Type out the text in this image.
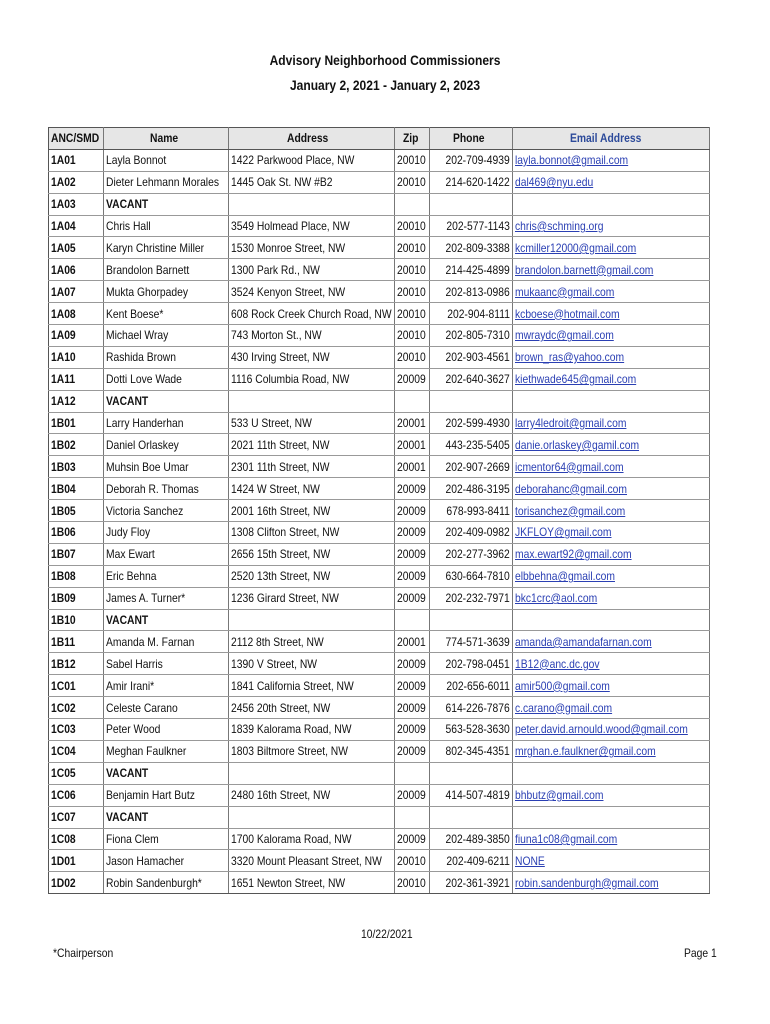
Advisory Neighborhood Commissioners
January 2, 2021 - January 2, 2023
ANC/SMD	Name	Address	Zip	Phone	Email Address
1A01	Layla Bonnot	1422 Parkwood Place, NW	20010	202-709-4939	layla.bonnot@gmail.com
1A02	Dieter Lehmann Morales	1445 Oak St. NW #B2	20010	214-620-1422	dal469@nyu.edu
1A03	VACANT				
1A04	Chris Hall	3549 Holmead Place, NW	20010	202-577-1143	chris@schming.org
1A05	Karyn Christine Miller	1530 Monroe Street, NW	20010	202-809-3388	kcmiller12000@gmail.com
1A06	Brandolon Barnett	1300 Park Rd., NW	20010	214-425-4899	brandolon.barnett@gmail.com
1A07	Mukta Ghorpadey	3524 Kenyon Street, NW	20010	202-813-0986	mukaanc@gmail.com
1A08	Kent Boese*	608 Rock Creek Church Road, NW	20010	202-904-8111	kcboese@hotmail.com
1A09	Michael Wray	743 Morton St., NW	20010	202-805-7310	mwraydc@gmail.com
1A10	Rashida Brown	430 Irving Street, NW	20010	202-903-4561	brown_ras@yahoo.com
1A11	Dotti Love Wade	1116 Columbia Road, NW	20009	202-640-3627	kiethwade645@gmail.com
1A12	VACANT				
1B01	Larry Handerhan	533 U Street, NW	20001	202-599-4930	larry4ledroit@gmail.com
1B02	Daniel Orlaskey	2021 11th Street, NW	20001	443-235-5405	danie.orlaskey@gamil.com
1B03	Muhsin Boe Umar	2301 11th Street, NW	20001	202-907-2669	icmentor64@gmail.com
1B04	Deborah R. Thomas	1424 W Street, NW	20009	202-486-3195	deborahanc@gmail.com
1B05	Victoria Sanchez	2001 16th Street, NW	20009	678-993-8411	torisanchez@gmail.com
1B06	Judy Floy	1308 Clifton Street, NW	20009	202-409-0982	JKFLOY@gmail.com
1B07	Max Ewart	2656 15th Street, NW	20009	202-277-3962	max.ewart92@gmail.com
1B08	Eric Behna	2520 13th Street, NW	20009	630-664-7810	elbbehna@gmail.com
1B09	James A. Turner*	1236 Girard Street, NW	20009	202-232-7971	bkc1crc@aol.com
1B10	VACANT				
1B11	Amanda M. Farnan	2112 8th Street, NW	20001	774-571-3639	amanda@amandafarnan.com
1B12	Sabel Harris	1390 V Street, NW	20009	202-798-0451	1B12@anc.dc.gov
1C01	Amir Irani*	1841 California Street, NW	20009	202-656-6011	amir500@gmail.com
1C02	Celeste Carano	2456 20th Street, NW	20009	614-226-7876	c.carano@gmail.com
1C03	Peter Wood	1839 Kalorama Road, NW	20009	563-528-3630	peter.david.arnould.wood@gmail.com
1C04	Meghan Faulkner	1803 Biltmore Street, NW	20009	802-345-4351	mrghan.e.faulkner@gmail.com
1C05	VACANT				
1C06	Benjamin Hart Butz	2480 16th Street, NW	20009	414-507-4819	bhbutz@gmail.com
1C07	VACANT				
1C08	Fiona Clem	1700 Kalorama Road, NW	20009	202-489-3850	fiuna1c08@gmail.com
1D01	Jason Hamacher	3320 Mount Pleasant Street, NW	20010	202-409-6211	NONE
1D02	Robin Sandenburgh*	1651 Newton Street, NW	20010	202-361-3921	robin.sandenburgh@gmail.com
10/22/2021
*Chairperson	Page 1
